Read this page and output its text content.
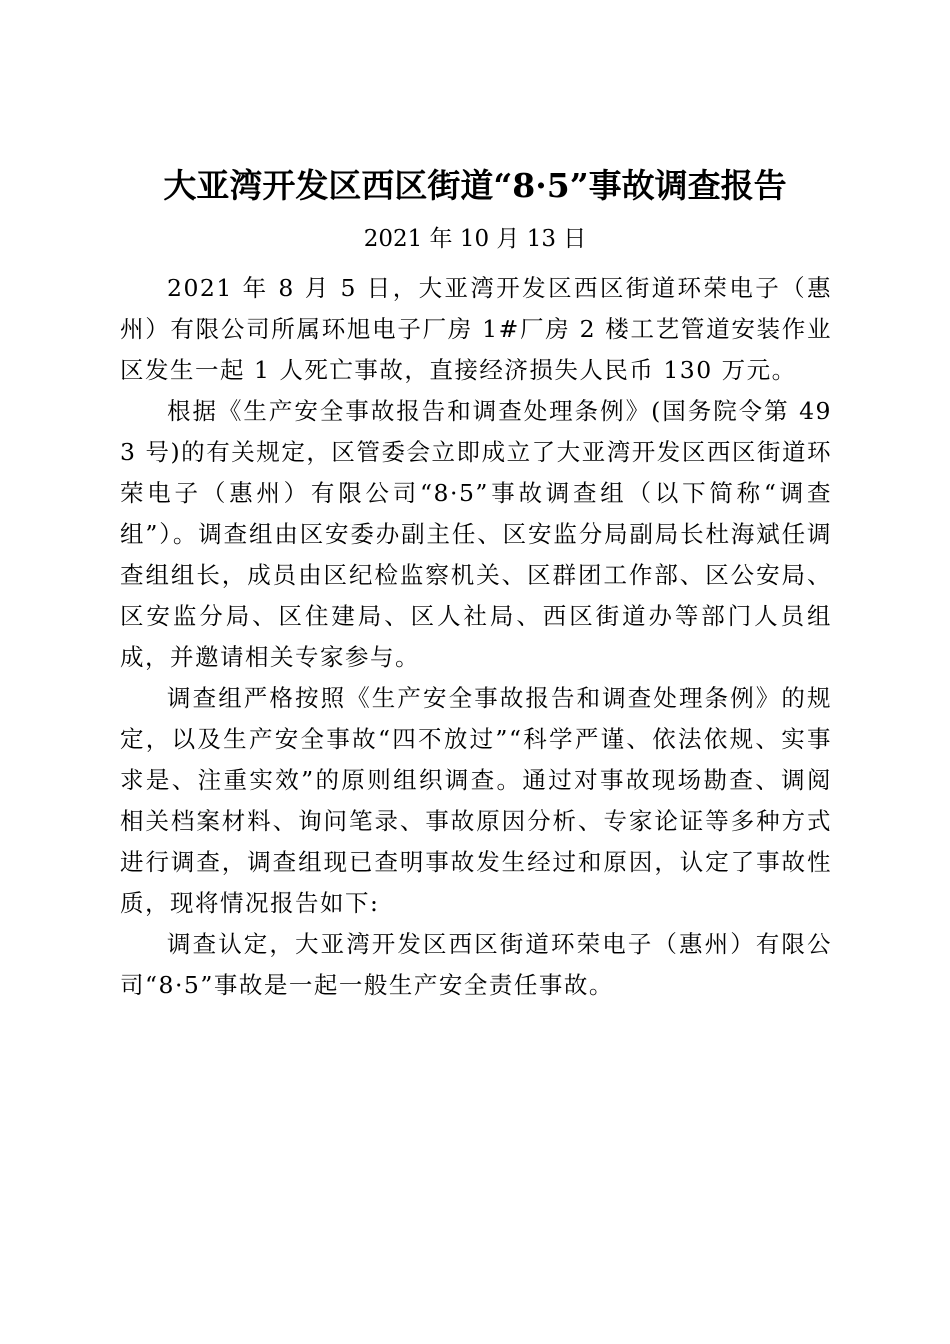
大亚湾开发区西区街道“8·5”事故调查报告
2021 年 10 月 13 日

2021 年 8 月 5 日，大亚湾开发区西区街道环荣电子（惠州）有限公司所属环旭电子厂房 1#厂房 2 楼工艺管道安装作业区发生一起 1 人死亡事故，直接经济损失人民币 130 万元。

根据《生产安全事故报告和调查处理条例》(国务院令第 493 号)的有关规定，区管委会立即成立了大亚湾开发区西区街道环荣电子（惠州）有限公司“8·5”事故调查组（以下简称“调查组”）。调查组由区安委办副主任、区安监分局副局长杜海斌任调查组组长，成员由区纪检监察机关、区群团工作部、区公安局、区安监分局、区住建局、区人社局、西区街道办等部门人员组成，并邀请相关专家参与。

调查组严格按照《生产安全事故报告和调查处理条例》的规定，以及生产安全事故“四不放过”“科学严谨、依法依规、实事求是、注重实效”的原则组织调查。通过对事故现场勘查、调阅相关档案材料、询问笔录、事故原因分析、专家论证等多种方式进行调查，调查组现已查明事故发生经过和原因，认定了事故性质，现将情况报告如下:

调查认定，大亚湾开发区西区街道环荣电子（惠州）有限公司“8·5”事故是一起一般生产安全责任事故。
